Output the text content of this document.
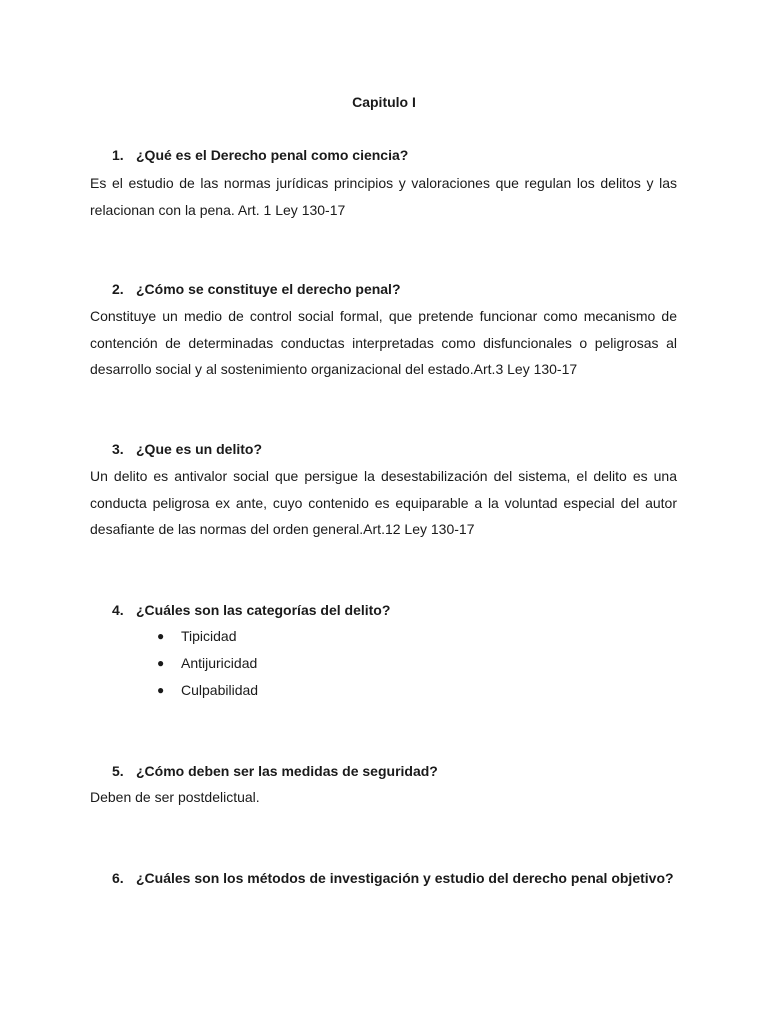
Capitulo I
1. ¿Qué es el Derecho penal como ciencia?
Es el estudio de las normas jurídicas principios y valoraciones que regulan los delitos y las relacionan con la pena. Art. 1 Ley 130-17
2. ¿Cómo se constituye el derecho penal?
Constituye un medio de control social formal, que pretende funcionar como mecanismo de contención de determinadas conductas interpretadas como disfuncionales o peligrosas al desarrollo social y al sostenimiento organizacional del estado.Art.3 Ley 130-17
3. ¿Que es un delito?
Un delito es antivalor social que persigue la desestabilización del sistema, el delito es una conducta peligrosa ex ante, cuyo contenido es equiparable a la voluntad especial del autor desafiante de las normas del orden general.Art.12 Ley 130-17
4. ¿Cuáles son las categorías del delito?
●	Tipicidad
●	Antijuricidad
●	Culpabilidad
5. ¿Cómo deben ser las medidas de seguridad?
Deben de ser postdelictual.
6. ¿Cuáles son los métodos de investigación y estudio del derecho penal objetivo?
